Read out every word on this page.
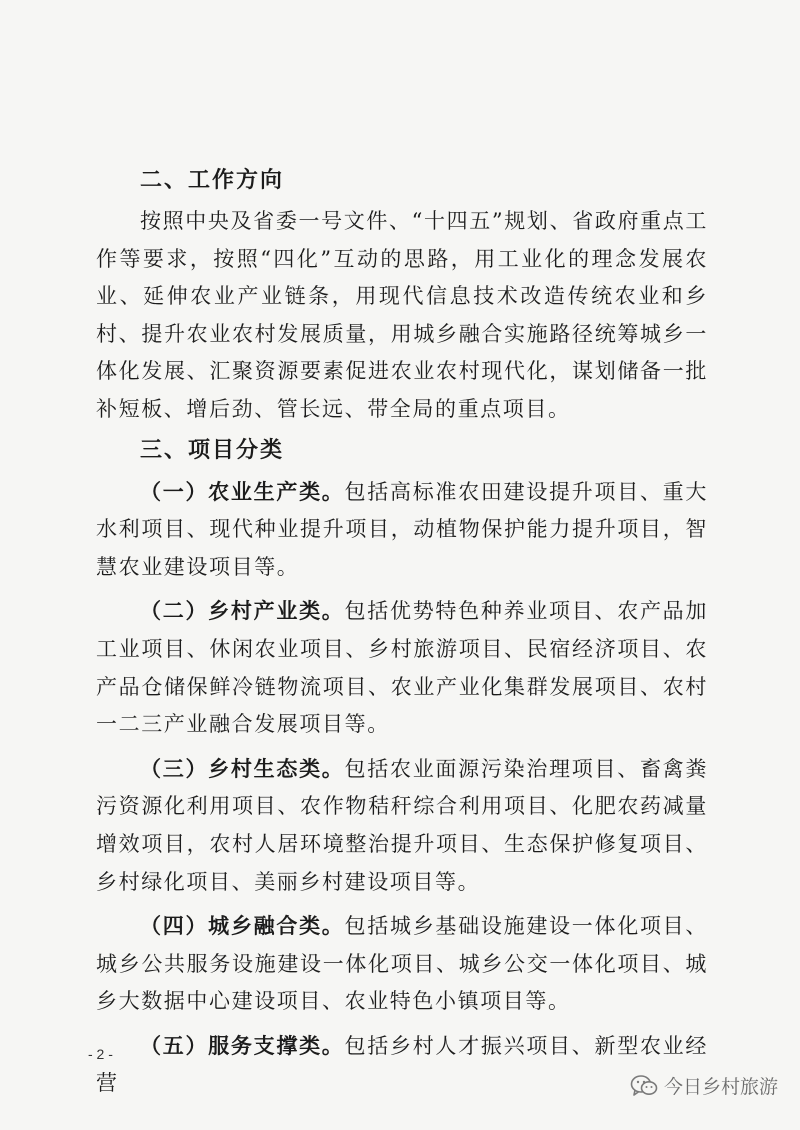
二、工作方向

按照中央及省委一号文件、“十四五”规划、省政府重点工作等要求，按照“四化”互动的思路，用工业化的理念发展农业、延伸农业产业链条，用现代信息技术改造传统农业和乡村、提升农业农村发展质量，用城乡融合实施路径统筹城乡一体化发展、汇聚资源要素促进农业农村现代化，谋划储备一批补短板、增后劲、管长远、带全局的重点项目。

三、项目分类

（一）农业生产类。包括高标准农田建设提升项目、重大水利项目、现代种业提升项目，动植物保护能力提升项目，智慧农业建设项目等。

（二）乡村产业类。包括优势特色种养业项目、农产品加工业项目、休闲农业项目、乡村旅游项目、民宿经济项目、农产品仓储保鲜冷链物流项目、农业产业化集群发展项目、农村一二三产业融合发展项目等。

（三）乡村生态类。包括农业面源污染治理项目、畜禽粪污资源化利用项目、农作物秸秆综合利用项目、化肥农药减量增效项目，农村人居环境整治提升项目、生态保护修复项目、乡村绿化项目、美丽乡村建设项目等。

（四）城乡融合类。包括城乡基础设施建设一体化项目、城乡公共服务设施建设一体化项目、城乡公交一体化项目、城乡大数据中心建设项目、农业特色小镇项目等。

（五）服务支撑类。包括乡村人才振兴项目、新型农业经营

- 2 -
今日乡村旅游
